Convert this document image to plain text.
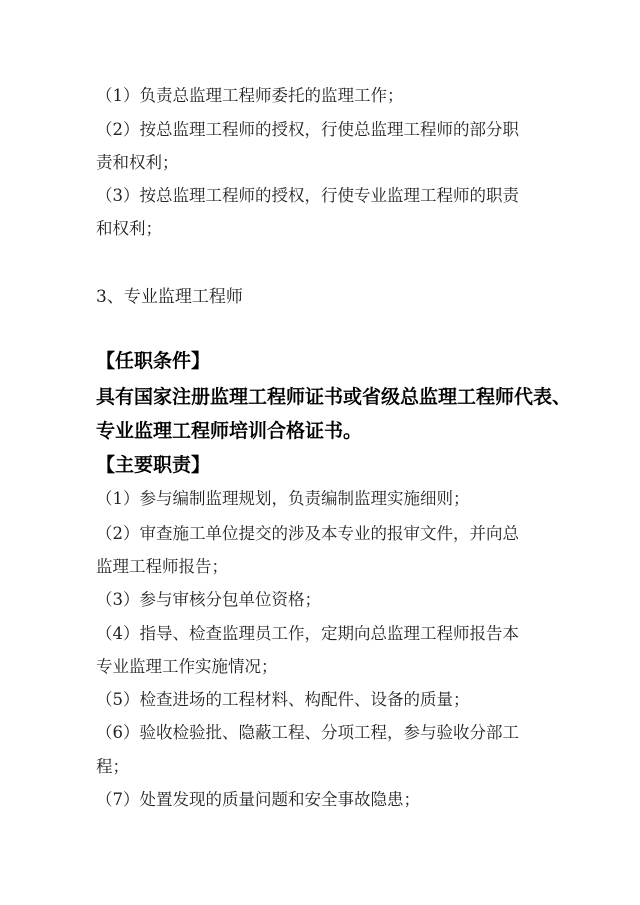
（1）负责总监理工程师委托的监理工作；
（2）按总监理工程师的授权，行使总监理工程师的部分职
责和权利；
（3）按总监理工程师的授权，行使专业监理工程师的职责
和权利；
3、专业监理工程师
【任职条件】
具有国家注册监理工程师证书或省级总监理工程师代表、
专业监理工程师培训合格证书。
【主要职责】
（1）参与编制监理规划，负责编制监理实施细则；
（2）审查施工单位提交的涉及本专业的报审文件，并向总
监理工程师报告；
（3）参与审核分包单位资格；
（4）指导、检查监理员工作，定期向总监理工程师报告本
专业监理工作实施情况；
（5）检查进场的工程材料、构配件、设备的质量；
（6）验收检验批、隐蔽工程、分项工程，参与验收分部工
程；
（7）处置发现的质量问题和安全事故隐患；
